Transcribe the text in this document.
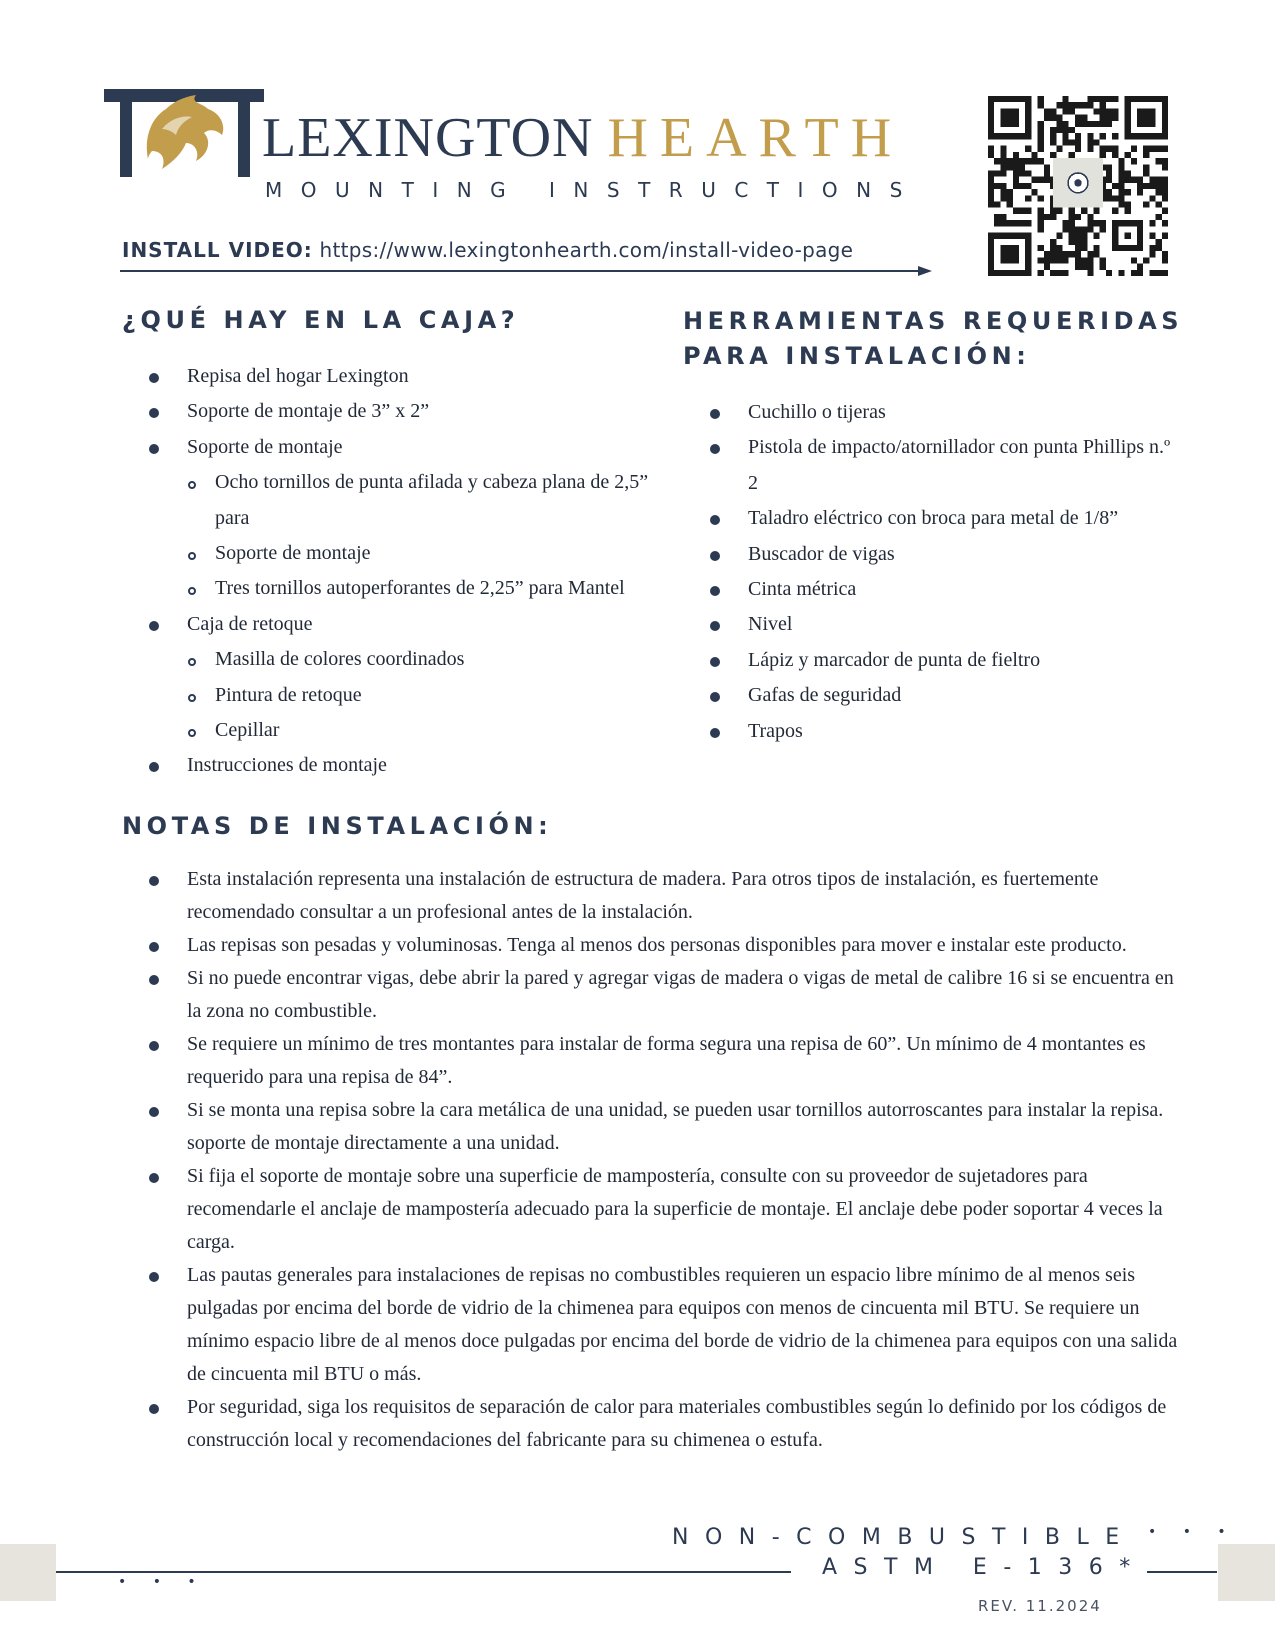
LEXINGTON HEARTH
MOUNTING INSTRUCTIONS
INSTALL VIDEO: https://www.lexingtonhearth.com/install-video-page
¿QUÉ HAY EN LA CAJA?	HERRAMIENTAS REQUERIDAS
PARA INSTALACIÓN:
Repisa del hogar Lexington
Soporte de montaje de 3” x 2”
Soporte de montaje
Ocho tornillos de punta afilada y cabeza plana de 2,5” para
Soporte de montaje
Tres tornillos autoperforantes de 2,25” para Mantel
Caja de retoque
Masilla de colores coordinados
Pintura de retoque
Cepillar
Instrucciones de montaje
Cuchillo o tijeras
Pistola de impacto/atornillador con punta Phillips n.º 2
Taladro eléctrico con broca para metal de 1/8”
Buscador de vigas
Cinta métrica
Nivel
Lápiz y marcador de punta de fieltro
Gafas de seguridad
Trapos
NOTAS DE INSTALACIÓN:
Esta instalación representa una instalación de estructura de madera. Para otros tipos de instalación, es fuertemente recomendado consultar a un profesional antes de la instalación.
Las repisas son pesadas y voluminosas. Tenga al menos dos personas disponibles para mover e instalar este producto.
Si no puede encontrar vigas, debe abrir la pared y agregar vigas de madera o vigas de metal de calibre 16 si se encuentra en la zona no combustible.
Se requiere un mínimo de tres montantes para instalar de forma segura una repisa de 60”. Un mínimo de 4 montantes es requerido para una repisa de 84”.
Si se monta una repisa sobre la cara metálica de una unidad, se pueden usar tornillos autorroscantes para instalar la repisa. soporte de montaje directamente a una unidad.
Si fija el soporte de montaje sobre una superficie de mampostería, consulte con su proveedor de sujetadores para recomendarle el anclaje de mampostería adecuado para la superficie de montaje. El anclaje debe poder soportar 4 veces la carga.
Las pautas generales para instalaciones de repisas no combustibles requieren un espacio libre mínimo de al menos seis pulgadas por encima del borde de vidrio de la chimenea para equipos con menos de cincuenta mil BTU. Se requiere un mínimo espacio libre de al menos doce pulgadas por encima del borde de vidrio de la chimenea para equipos con una salida de cincuenta mil BTU o más.
Por seguridad, siga los requisitos de separación de calor para materiales combustibles según lo definido por los códigos de construcción local y recomendaciones del fabricante para su chimenea o estufa.
• • •
• • •
NON-COMBUSTIBLE
ASTM E-136*
REV. 11.2024
